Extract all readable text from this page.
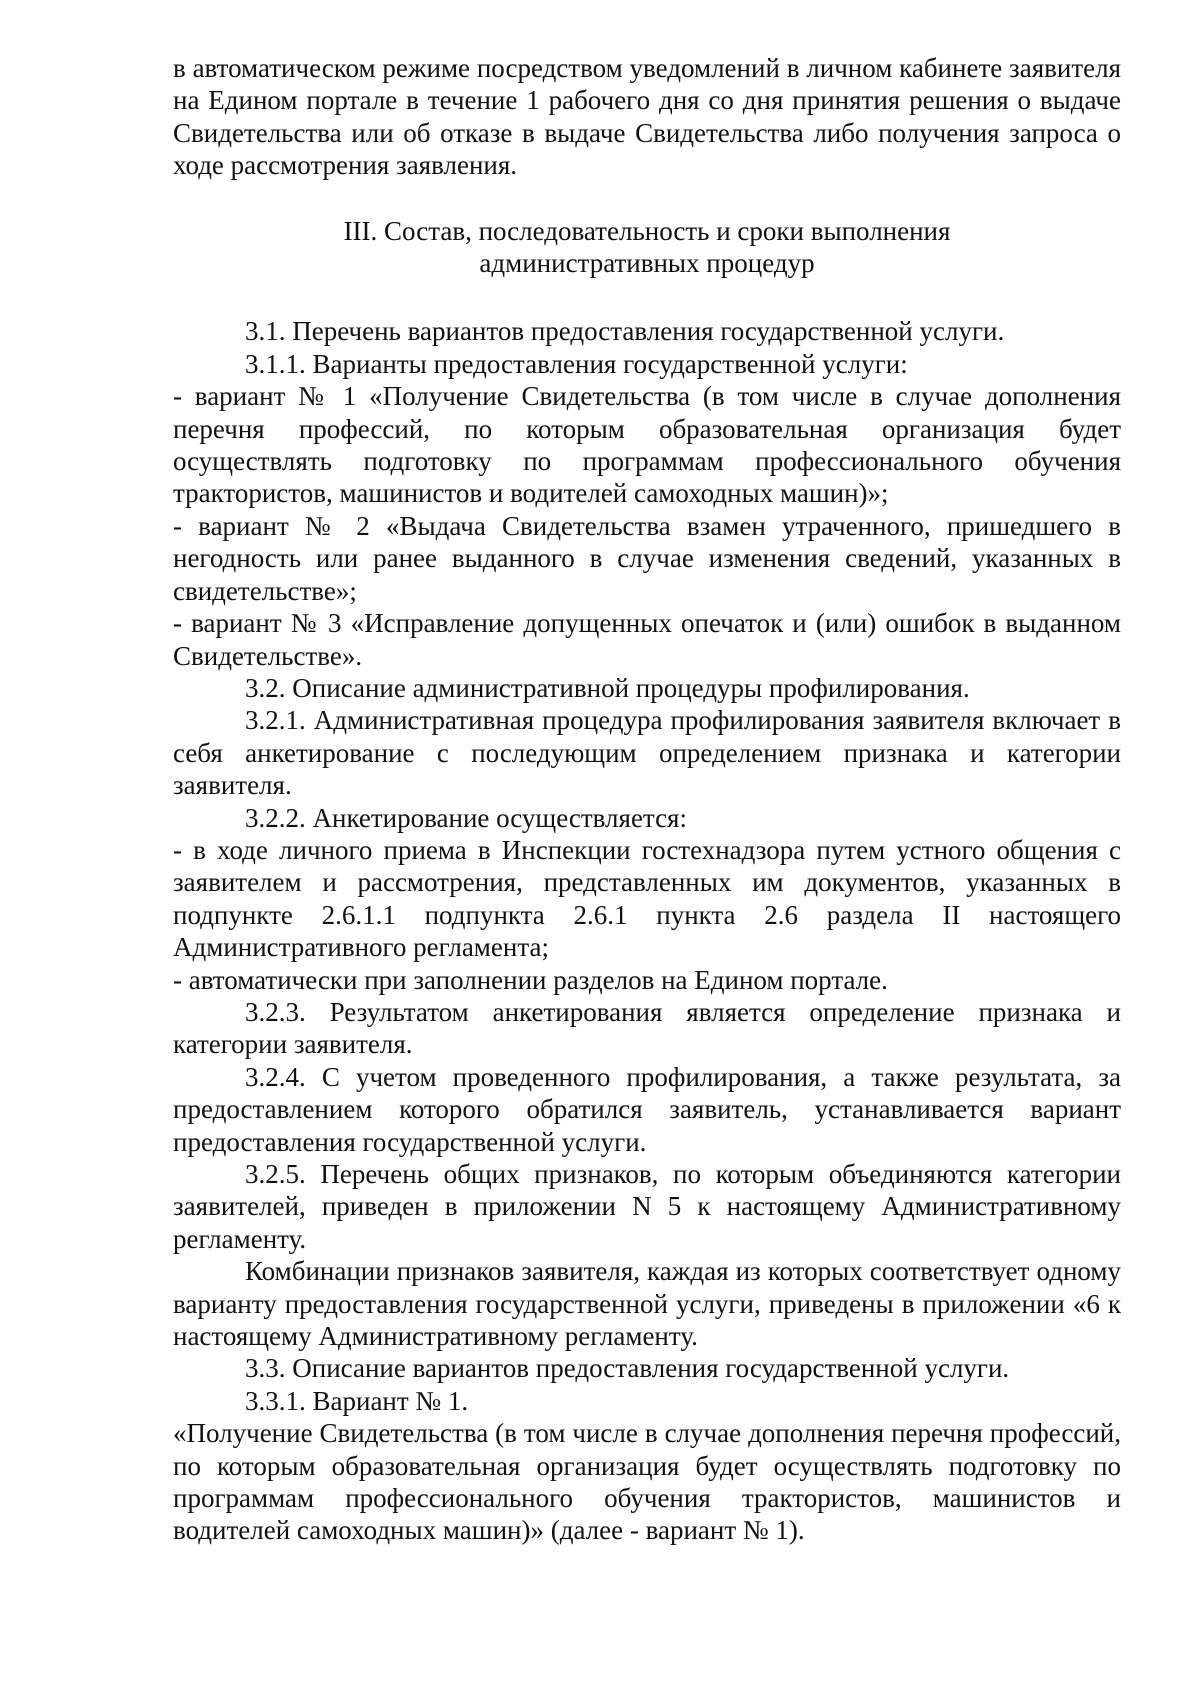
в автоматическом режиме посредством уведомлений в личном кабинете заявителя на Едином портале в течение 1 рабочего дня со дня принятия решения о выдаче Свидетельства или об отказе в выдаче Свидетельства либо получения запроса о ходе рассмотрения заявления.

III. Состав, последовательность и сроки выполнения
административных процедур

3.1. Перечень вариантов предоставления государственной услуги.

3.1.1. Варианты предоставления государственной услуги:

- вариант № 1 «Получение Свидетельства (в том числе в случае дополнения перечня профессий, по которым образовательная организация будет осуществлять подготовку по программам профессионального обучения трактористов, машинистов и водителей самоходных машин)»;

- вариант № 2 «Выдача Свидетельства взамен утраченного, пришедшего в негодность или ранее выданного в случае изменения сведений, указанных в свидетельстве»;

- вариант № 3 «Исправление допущенных опечаток и (или) ошибок в выданном Свидетельстве».

3.2. Описание административной процедуры профилирования.

3.2.1. Административная процедура профилирования заявителя включает в себя анкетирование с последующим определением признака и категории заявителя.

3.2.2. Анкетирование осуществляется:

- в ходе личного приема в Инспекции гостехнадзора путем устного общения с заявителем и рассмотрения, представленных им документов, указанных в подпункте 2.6.1.1 подпункта 2.6.1 пункта 2.6 раздела II настоящего Административного регламента;

- автоматически при заполнении разделов на Едином портале.

3.2.3. Результатом анкетирования является определение признака и категории заявителя.

3.2.4. С учетом проведенного профилирования, а также результата, за предоставлением которого обратился заявитель, устанавливается вариант предоставления государственной услуги.

3.2.5. Перечень общих признаков, по которым объединяются категории заявителей, приведен в приложении N 5 к настоящему Административному регламенту.

Комбинации признаков заявителя, каждая из которых соответствует одному варианту предоставления государственной услуги, приведены в приложении «6 к настоящему Административному регламенту.

3.3. Описание вариантов предоставления государственной услуги.

3.3.1. Вариант № 1.

«Получение Свидетельства (в том числе в случае дополнения перечня профессий, по которым образовательная организация будет осуществлять подготовку по программам профессионального обучения трактористов, машинистов и водителей самоходных машин)» (далее - вариант № 1).
